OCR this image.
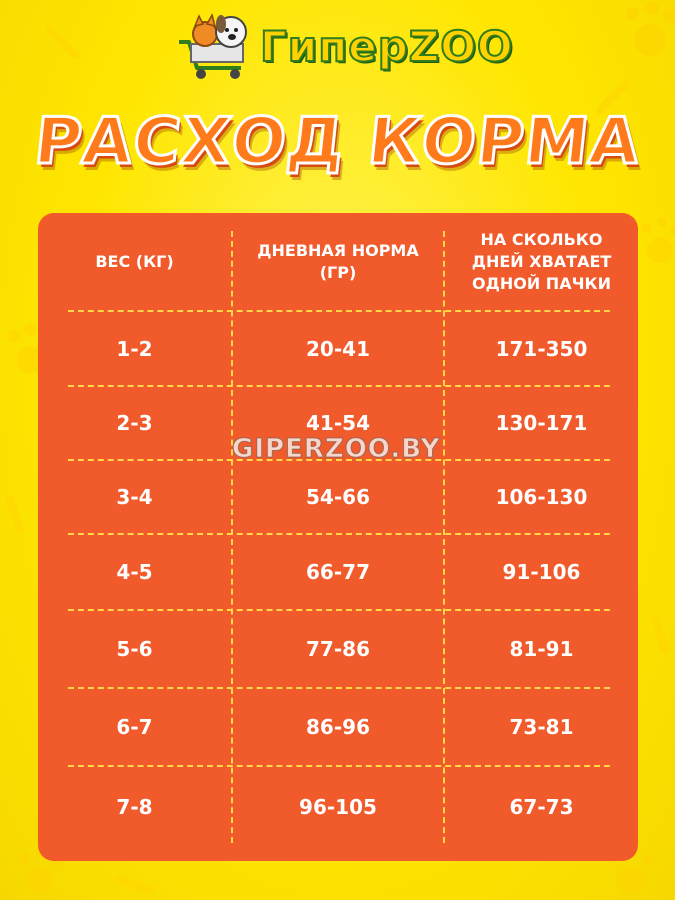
ГиперZOO
РАСХОД КОРМА
ВЕС (КГ)
ДНЕВНАЯ НОРМА (ГР)
НА СКОЛЬКО ДНЕЙ ХВАТАЕТ ОДНОЙ ПАЧКИ
1-2	20-41	171-350
2-3	41-54	130-171
3-4	54-66	106-130
4-5	66-77	91-106
5-6	77-86	81-91
6-7	86-96	73-81
7-8	96-105	67-73
GIPERZOO.BY
